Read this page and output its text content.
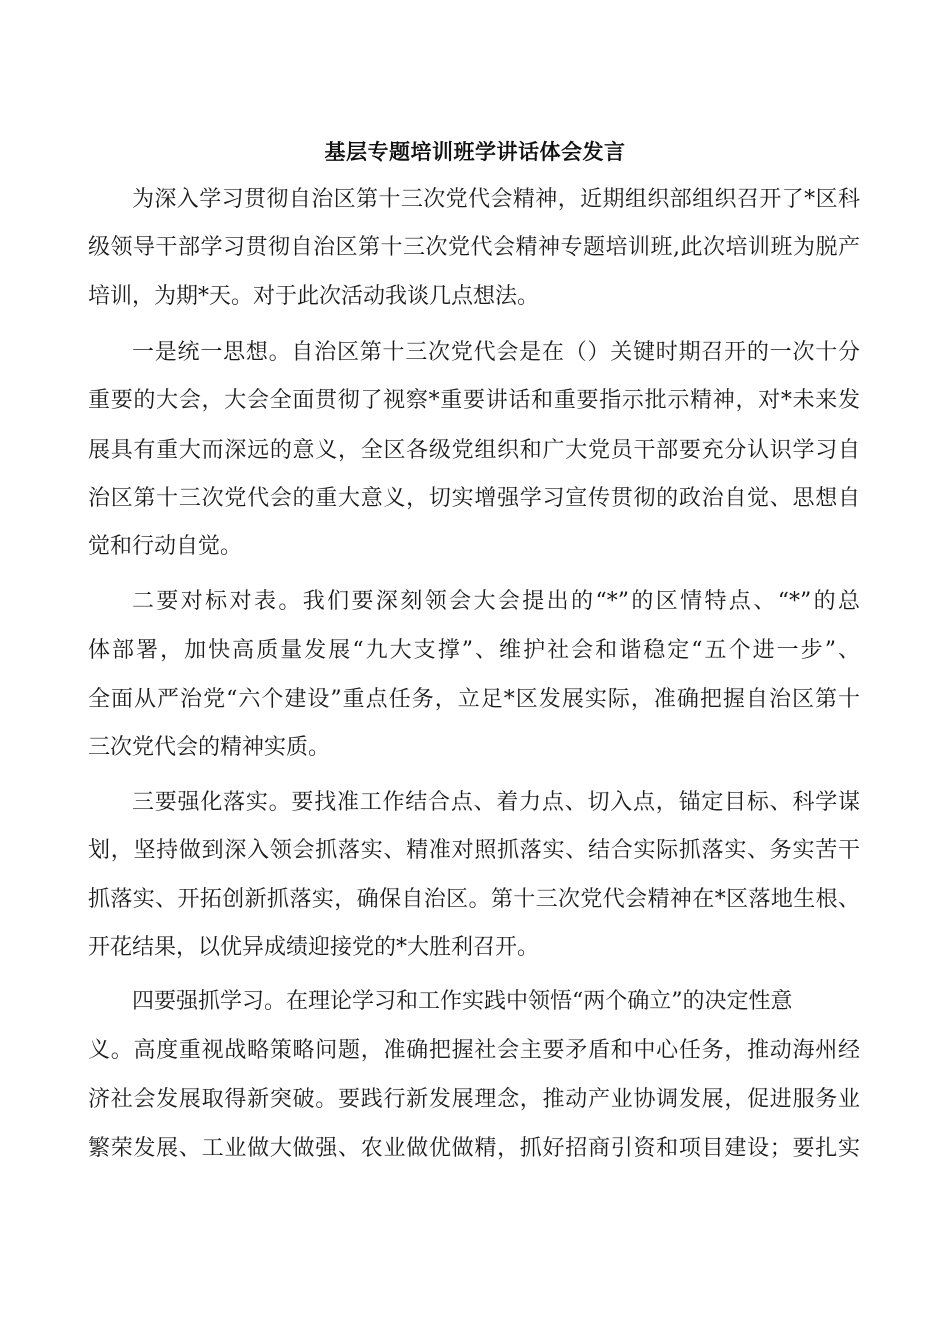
基层专题培训班学讲话体会发言

为深入学习贯彻自治区第十三次党代会精神，近期组织部组织召开了*区科

级领导干部学习贯彻自治区第十三次党代会精神专题培训班,此次培训班为脱产

培训，为期*天。对于此次活动我谈几点想法。

一是统一思想。自治区第十三次党代会是在（）关键时期召开的一次十分

重要的大会，大会全面贯彻了视察*重要讲话和重要指示批示精神，对*未来发

展具有重大而深远的意义，全区各级党组织和广大党员干部要充分认识学习自

治区第十三次党代会的重大意义，切实增强学习宣传贯彻的政治自觉、思想自

觉和行动自觉。

二要对标对表。我们要深刻领会大会提出的“*”的区情特点、“*”的总

体部署，加快高质量发展“九大支撑”、维护社会和谐稳定“五个进一步”、

全面从严治党“六个建设”重点任务，立足*区发展实际，准确把握自治区第十

三次党代会的精神实质。

三要强化落实。要找准工作结合点、着力点、切入点，锚定目标、科学谋

划，坚持做到深入领会抓落实、精准对照抓落实、结合实际抓落实、务实苦干

抓落实、开拓创新抓落实，确保自治区。第十三次党代会精神在*区落地生根、

开花结果，以优异成绩迎接党的*大胜利召开。

四要强抓学习。在理论学习和工作实践中领悟“两个确立”的决定性意

义。高度重视战略策略问题，准确把握社会主要矛盾和中心任务，推动海州经

济社会发展取得新突破。要践行新发展理念，推动产业协调发展，促进服务业

繁荣发展、工业做大做强、农业做优做精，抓好招商引资和项目建设；要扎实
